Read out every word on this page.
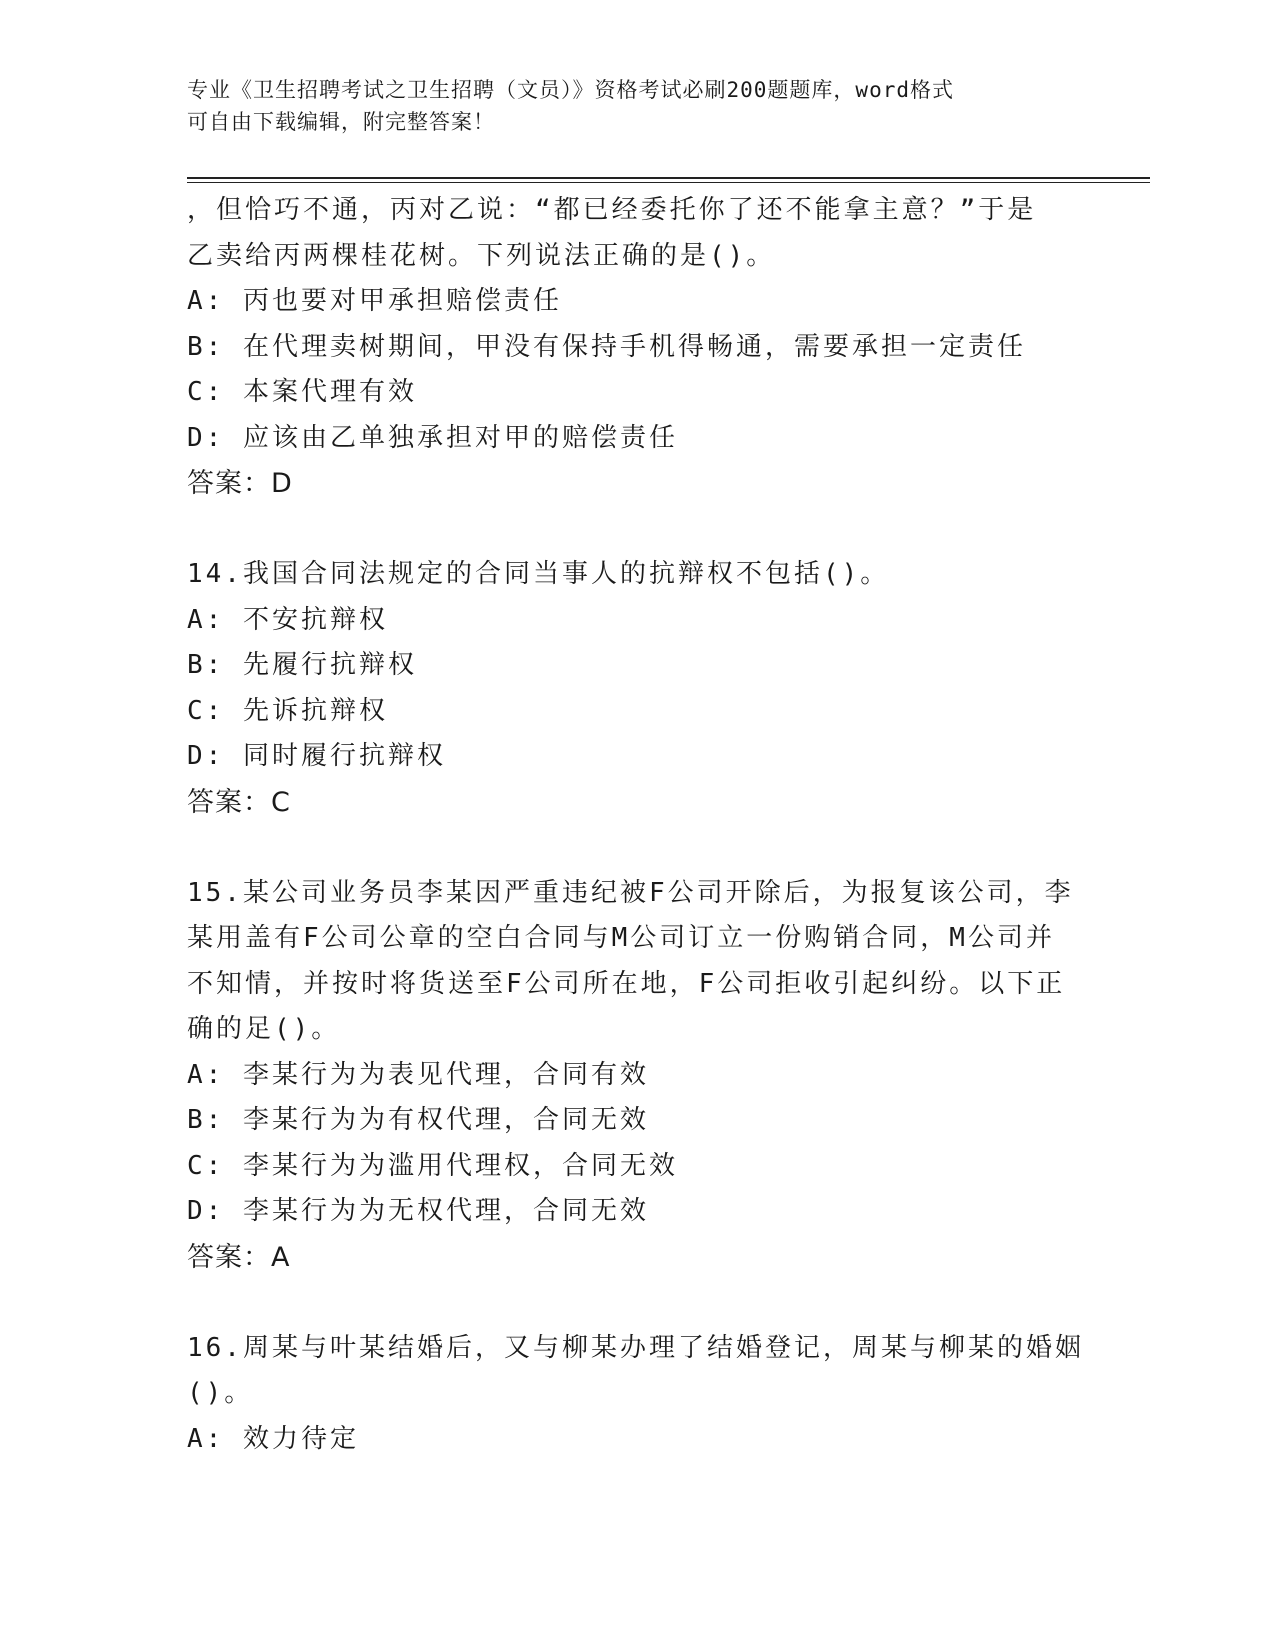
专业《卫生招聘考试之卫生招聘（文员）》资格考试必刷200题题库，word格式
可自由下载编辑，附完整答案！
，但恰巧不通，丙对乙说：“都已经委托你了还不能拿主意？”于是
乙卖给丙两棵桂花树。下列说法正确的是()。
A: 丙也要对甲承担赔偿责任
B: 在代理卖树期间，甲没有保持手机得畅通，需要承担一定责任
C: 本案代理有效
D: 应该由乙单独承担对甲的赔偿责任
答案：D
14.我国合同法规定的合同当事人的抗辩权不包括()。
A: 不安抗辩权
B: 先履行抗辩权
C: 先诉抗辩权
D: 同时履行抗辩权
答案：C
15.某公司业务员李某因严重违纪被F公司开除后，为报复该公司，李
某用盖有F公司公章的空白合同与M公司订立一份购销合同，M公司并
不知情，并按时将货送至F公司所在地，F公司拒收引起纠纷。以下正
确的足()。
A: 李某行为为表见代理，合同有效
B: 李某行为为有权代理，合同无效
C: 李某行为为滥用代理权，合同无效
D: 李某行为为无权代理，合同无效
答案：A
16.周某与叶某结婚后，又与柳某办理了结婚登记，周某与柳某的婚姻
()。
A: 效力待定
